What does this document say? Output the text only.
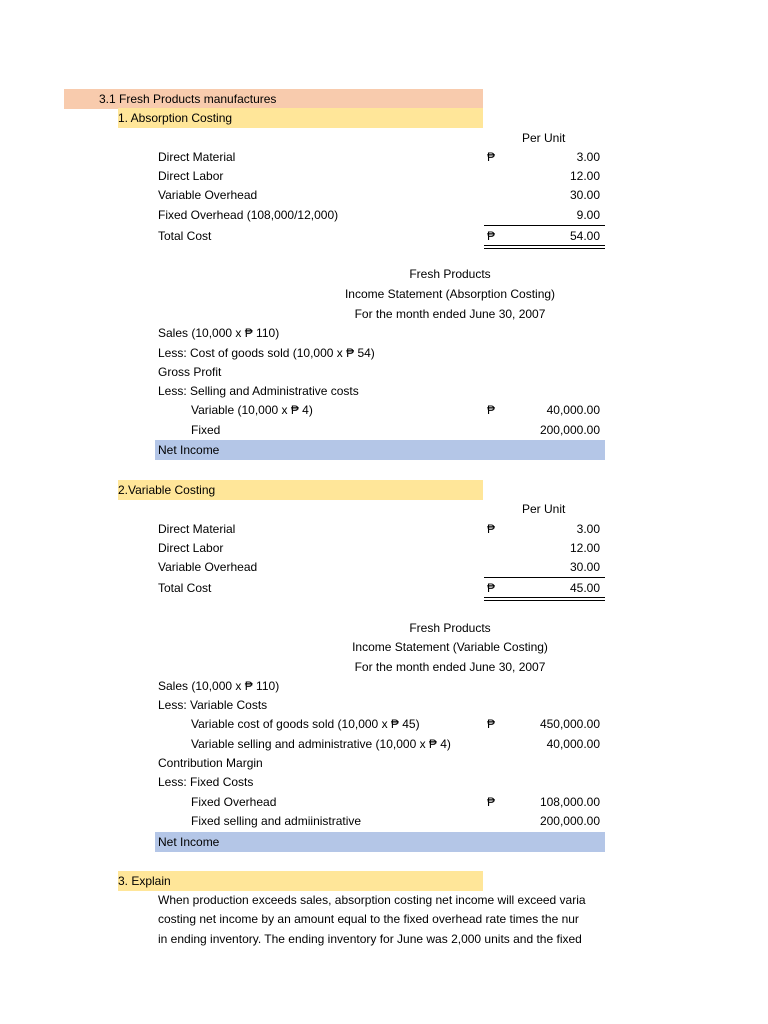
3.1 Fresh Products manufactures
1. Absorption Costing
Per Unit
Direct Material	₱	3.00
Direct Labor	12.00
Variable Overhead	30.00
Fixed Overhead (108,000/12,000)	9.00
Total Cost	₱	54.00
Fresh Products
Income Statement (Absorption Costing)
For the month ended June 30, 2007
Sales (10,000 x ₱ 110)
Less: Cost of goods sold (10,000 x ₱ 54)
Gross Profit
Less: Selling and Administrative costs
Variable (10,000 x ₱ 4)	₱	40,000.00
Fixed	200,000.00
Net Income
2.Variable Costing
Per Unit
Direct Material	₱	3.00
Direct Labor	12.00
Variable Overhead	30.00
Total Cost	₱	45.00
Fresh Products
Income Statement (Variable Costing)
For the month ended June 30, 2007
Sales (10,000 x ₱ 110)
Less: Variable Costs
Variable cost of goods sold (10,000 x ₱ 45)	₱	450,000.00
Variable selling and administrative (10,000 x ₱ 4)	40,000.00
Contribution Margin
Less: Fixed Costs
Fixed Overhead	₱	108,000.00
Fixed selling and admiinistrative	200,000.00
Net Income
3. Explain
When production exceeds sales, absorption costing net income will exceed varia
costing net income by an amount equal to the fixed overhead rate times the nur
in ending inventory. The ending inventory for June was 2,000 units and the fixed
